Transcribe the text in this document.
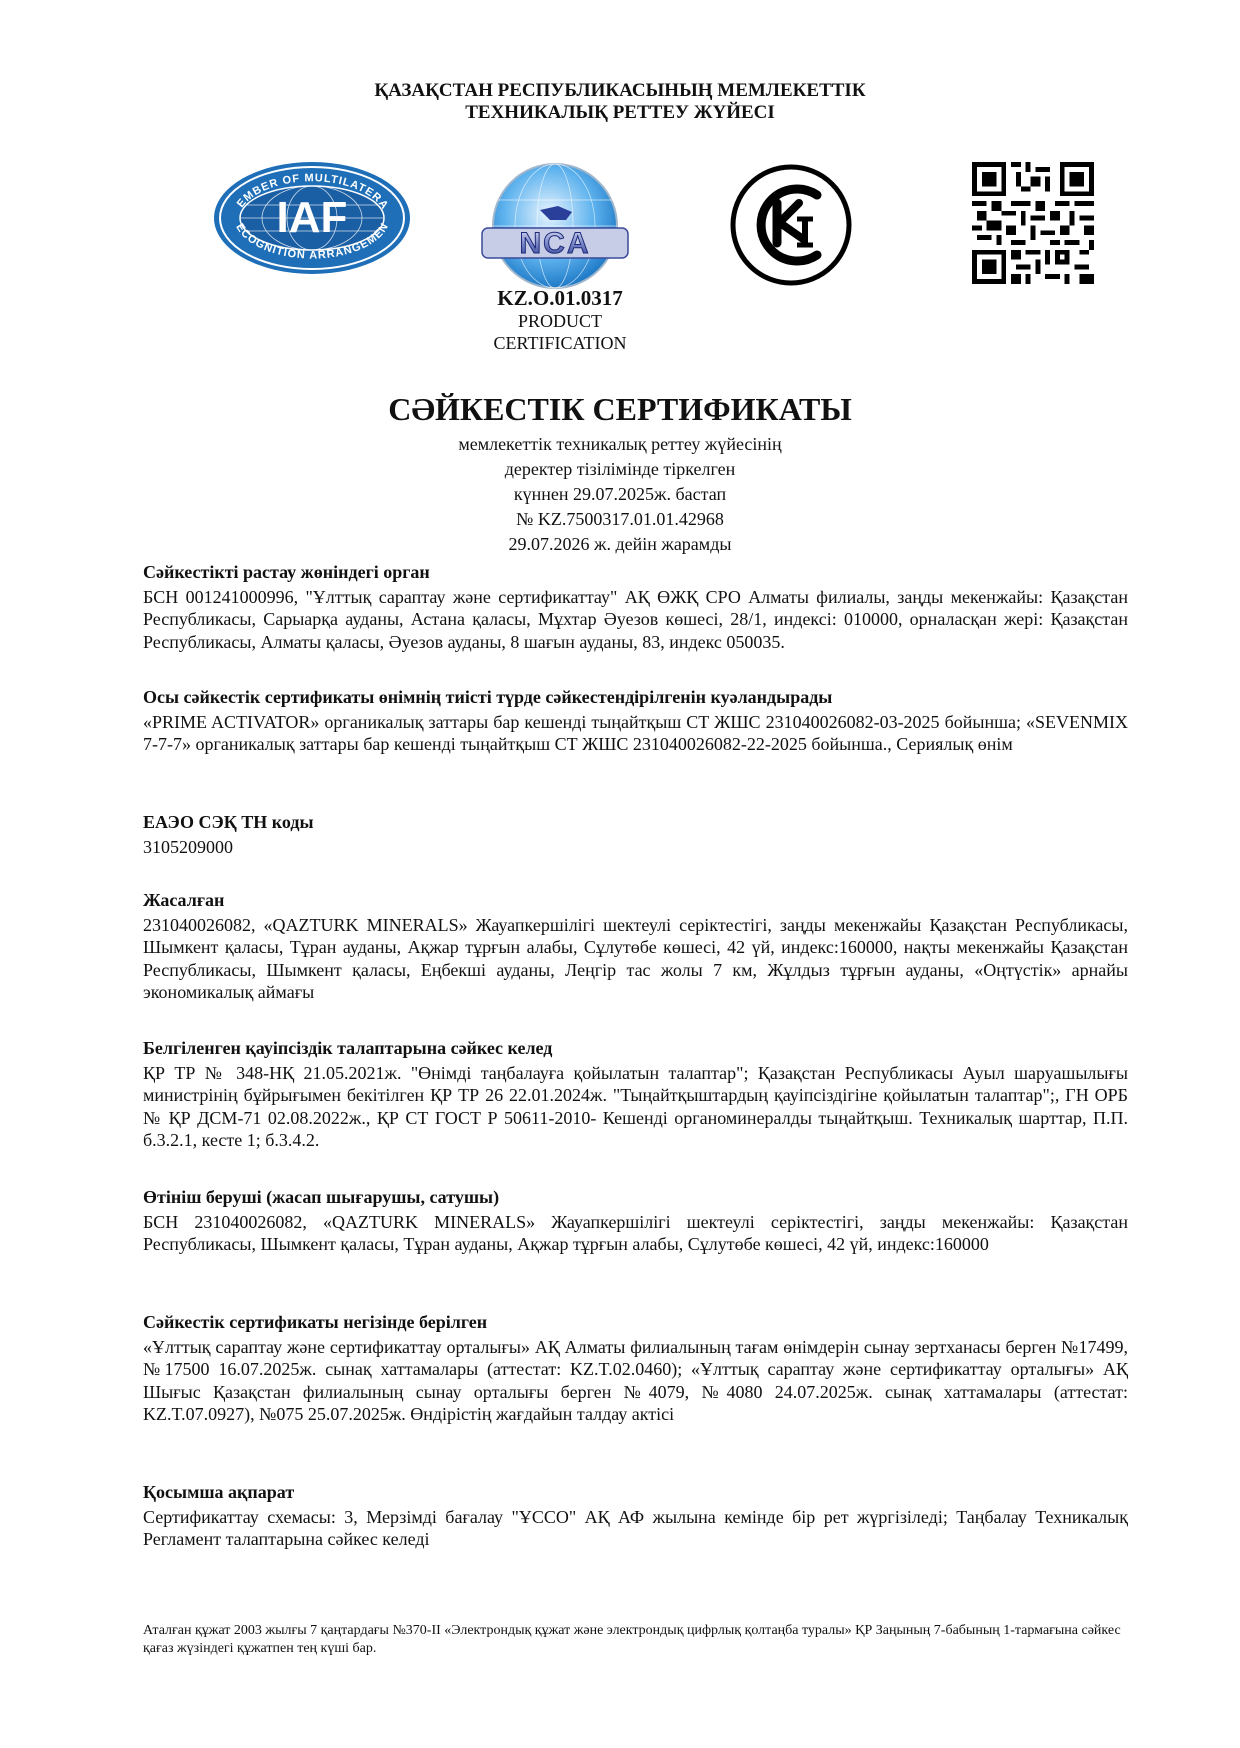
ҚАЗАҚСТАН РЕСПУБЛИКАСЫНЫҢ МЕМЛЕКЕТТІК
ТЕХНИКАЛЫҚ РЕТТЕУ ЖҮЙЕСІ
IAF
EMBER OF MULTILATERA
ECOGNITION ARRANGEMEN	NCA
KZ.O.01.0317
PRODUCT
CERTIFICATION
СӘЙКЕСТІК СЕРТИФИКАТЫ
мемлекеттік техникалық реттеу жүйесінің
деректер тізілімінде тіркелген
күннен 29.07.2025ж. бастап
№ KZ.7500317.01.01.42968
29.07.2026 ж. дейін жарамды
Сәйкестікті растау жөніндегі орган
БСН 001241000996, "Ұлттық сараптау және сертификаттау" АҚ ӨЖҚ СРО Алматы филиалы, заңды мекенжайы: Қазақстан Республикасы, Сарыарқа ауданы, Астана қаласы, Мұхтар Әуезов көшесі, 28/1, индексі: 010000, орналасқан жері: Қазақстан Республикасы, Алматы қаласы, Әуезов ауданы, 8 шағын ауданы, 83, индекс 050035.
Осы сәйкестік сертификаты өнімнің тиісті түрде сәйкестендірілгенін куәландырады
«PRIME ACTIVATOR» органикалық заттары бар кешенді тыңайтқыш СТ ЖШС 231040026082-03-2025 бойынша; «SEVENMIX 7-7-7» органикалық заттары бар кешенді тыңайтқыш СТ ЖШС 231040026082-22-2025 бойынша., Сериялық өнім
ЕАЭО СЭҚ ТН коды
3105209000
Жасалған
231040026082, «QAZTURK MINERALS» Жауапкершілігі шектеулі серіктестігі, заңды мекенжайы Қазақстан Республикасы, Шымкент қаласы, Тұран ауданы, Ақжар тұрғын алабы, Сұлутөбе көшесі, 42 үй, индекс:160000, нақты мекенжайы Қазақстан Республикасы, Шымкент қаласы, Еңбекші ауданы, Леңгір тас жолы 7 км, Жұлдыз тұрғын ауданы, «Оңтүстік» арнайы экономикалық аймағы
Белгіленген қауіпсіздік талаптарына сәйкес келед
ҚР ТР № 348-НҚ 21.05.2021ж. "Өнімді таңбалауға қойылатын талаптар"; Қазақстан Республикасы Ауыл шаруашылығы министрінің бұйрығымен бекітілген ҚР ТР 26 22.01.2024ж. "Тыңайтқыштардың қауіпсіздігіне қойылатын талаптар";, ГН ОРБ № ҚР ДСМ-71 02.08.2022ж., ҚР СТ ГОСТ Р 50611-2010- Кешенді органоминералды тыңайтқыш. Техникалық шарттар, П.П. б.3.2.1, кесте 1; б.3.4.2.
Өтініш беруші (жасап шығарушы, сатушы)
БСН 231040026082, «QAZTURK MINERALS» Жауапкершілігі шектеулі серіктестігі, заңды мекенжайы: Қазақстан Республикасы, Шымкент қаласы, Тұран ауданы, Ақжар тұрғын алабы, Сұлутөбе көшесі, 42 үй, индекс:160000
Сәйкестік сертификаты негізінде берілген
«Ұлттық сараптау және сертификаттау орталығы» АҚ Алматы филиалының тағам өнімдерін сынау зертханасы берген №17499, №17500 16.07.2025ж. сынақ хаттамалары (аттестат: KZ.T.02.0460); «Ұлттық сараптау және сертификаттау орталығы» АҚ Шығыс Қазақстан филиалының сынау орталығы берген №4079, №4080 24.07.2025ж. сынақ хаттамалары (аттестат: KZ.T.07.0927), №075 25.07.2025ж. Өндірістің жағдайын талдау актісі
Қосымша ақпарат
Сертификаттау схемасы: 3, Мерзімді бағалау "ҰССО" АҚ АФ жылына кемінде бір рет жүргізіледі; Таңбалау Техникалық Регламент талаптарына сәйкес келеді
Аталған құжат 2003 жылғы 7 қаңтардағы №370-II «Электрондық құжат және электрондық цифрлық қолтаңба туралы» ҚР Заңының 7-бабының 1-тармағына сәйкес қағаз жүзіндегі құжатпен тең күші бар.
